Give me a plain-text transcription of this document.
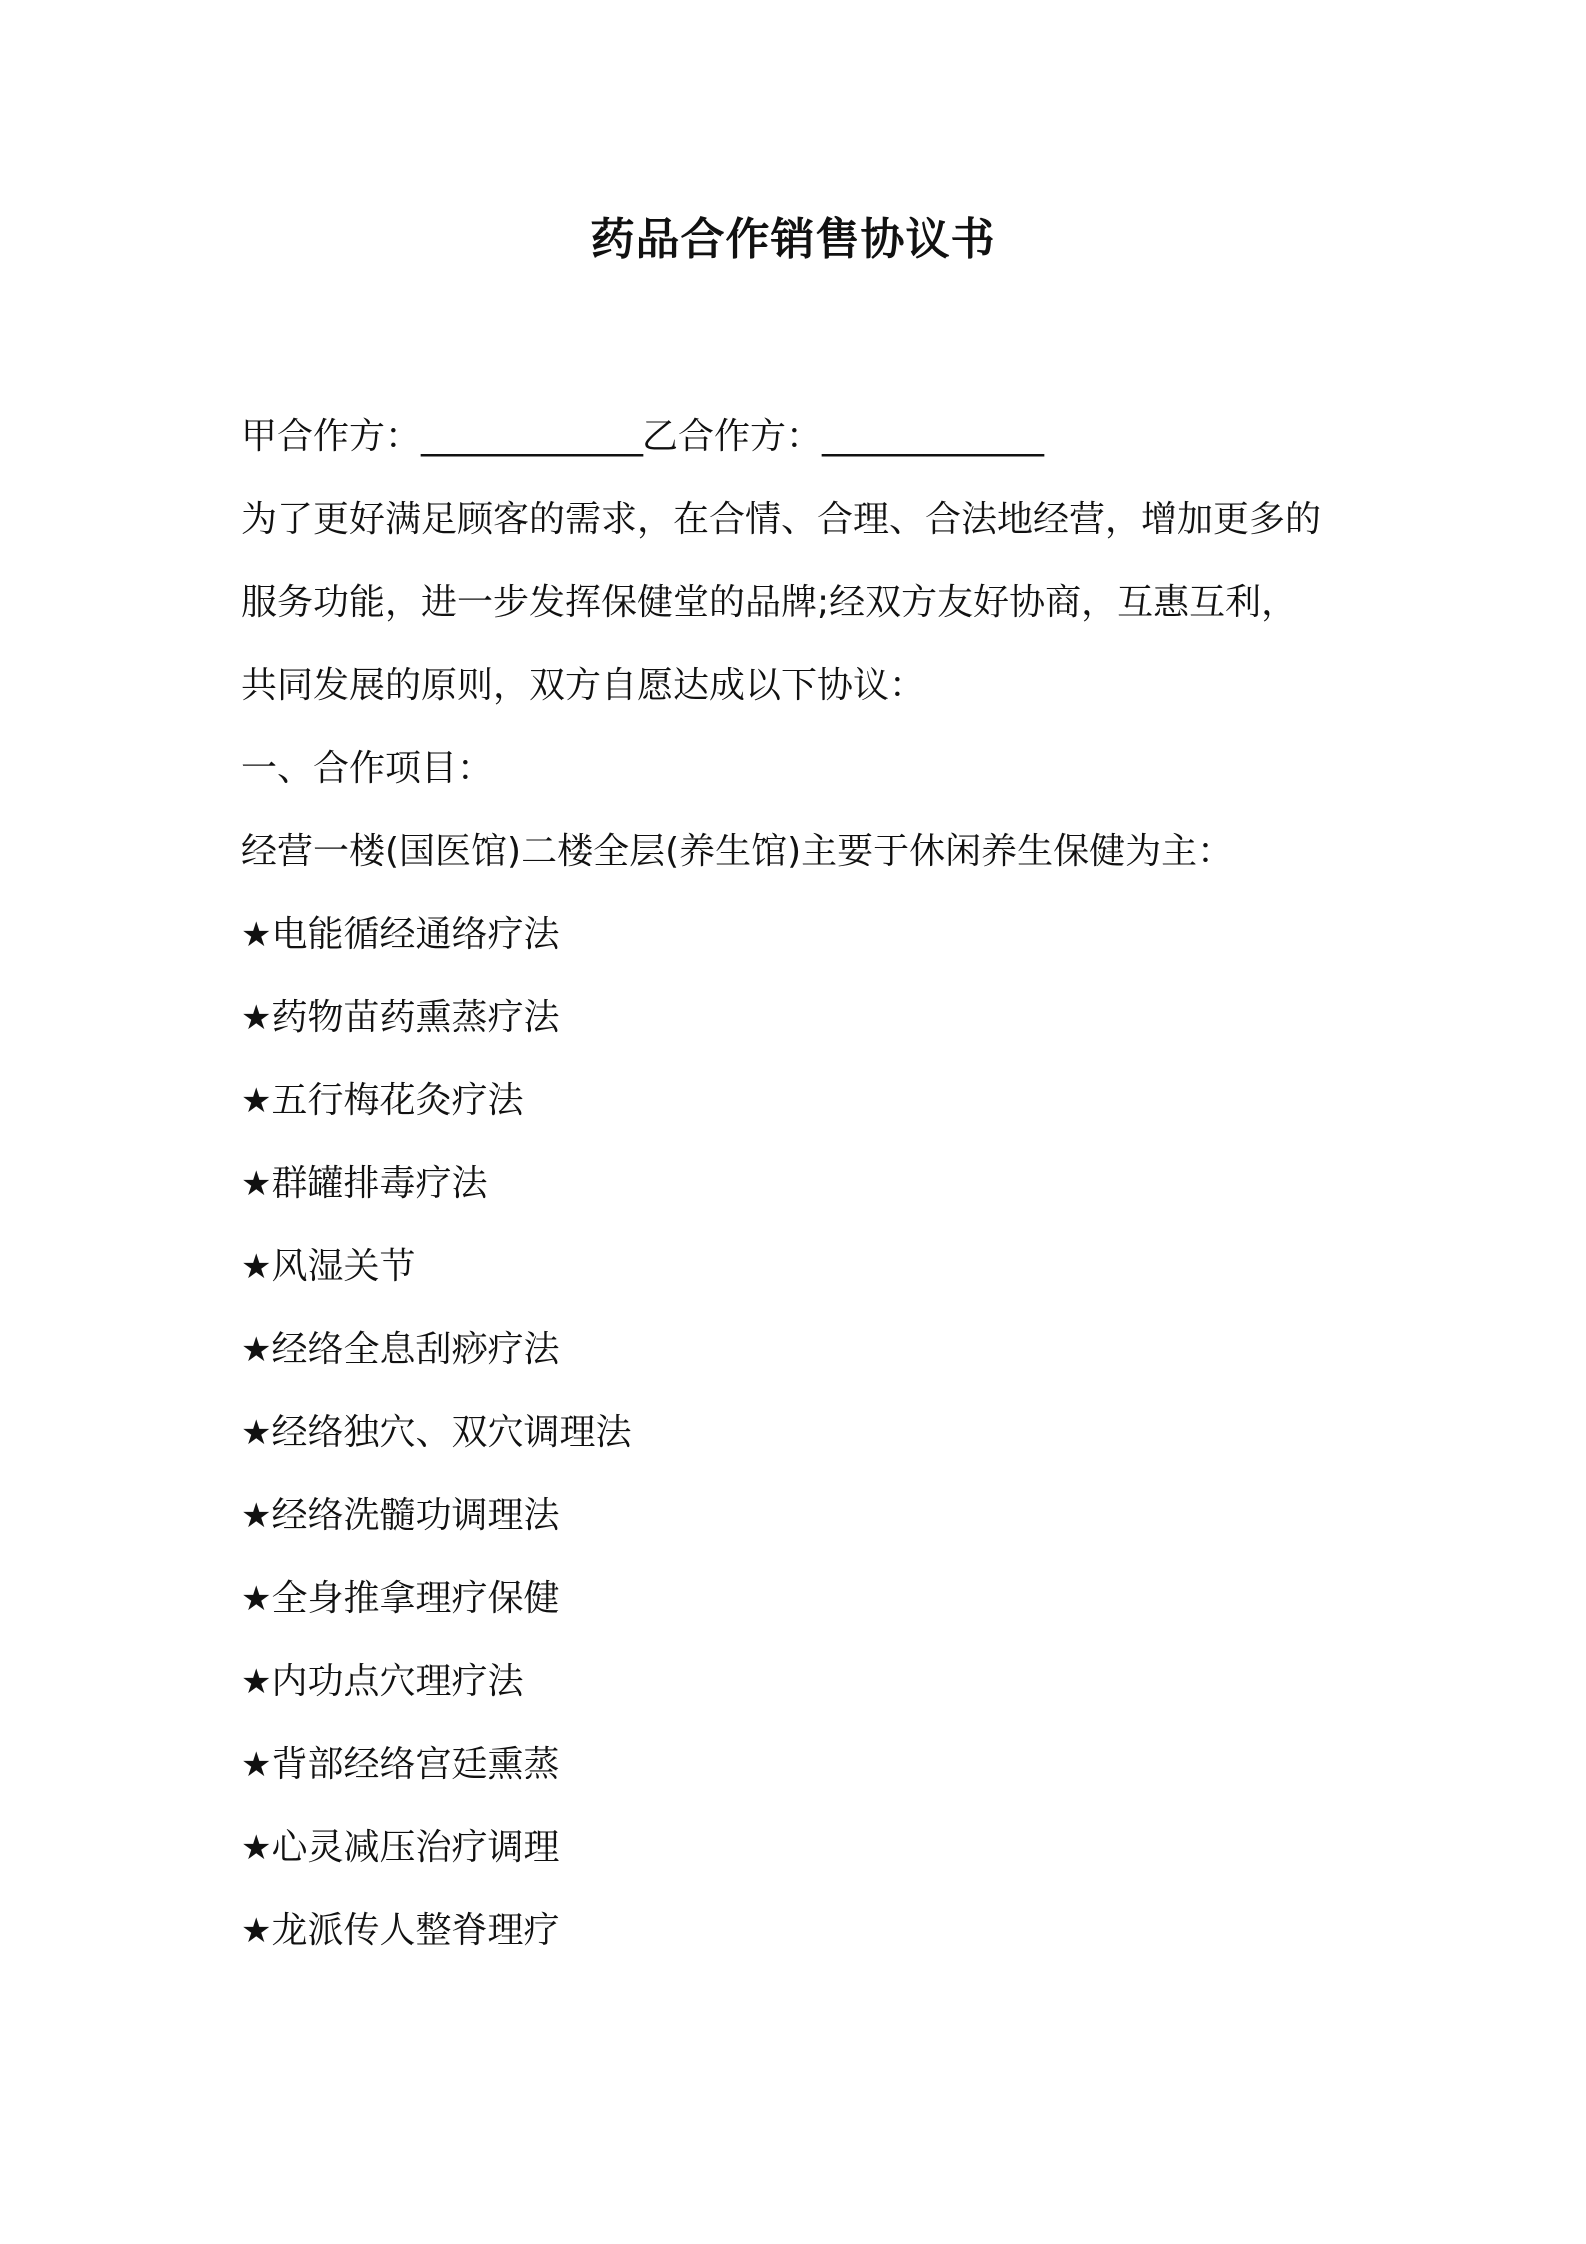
药品合作销售协议书
甲合作方：_____________乙合作方：_____________
为了更好满足顾客的需求，在合情、合理、合法地经营，增加更多的
服务功能，进一步发挥保健堂的品牌;经双方友好协商，互惠互利，
共同发展的原则，双方自愿达成以下协议：
一、合作项目：
经营一楼(国医馆)二楼全层(养生馆)主要于休闲养生保健为主：
★电能循经通络疗法
★药物苗药熏蒸疗法
★五行梅花灸疗法
★群罐排毒疗法
★风湿关节
★经络全息刮痧疗法
★经络独穴、双穴调理法
★经络洗髓功调理法
★全身推拿理疗保健
★内功点穴理疗法
★背部经络宫廷熏蒸
★心灵减压治疗调理
★龙派传人整脊理疗
